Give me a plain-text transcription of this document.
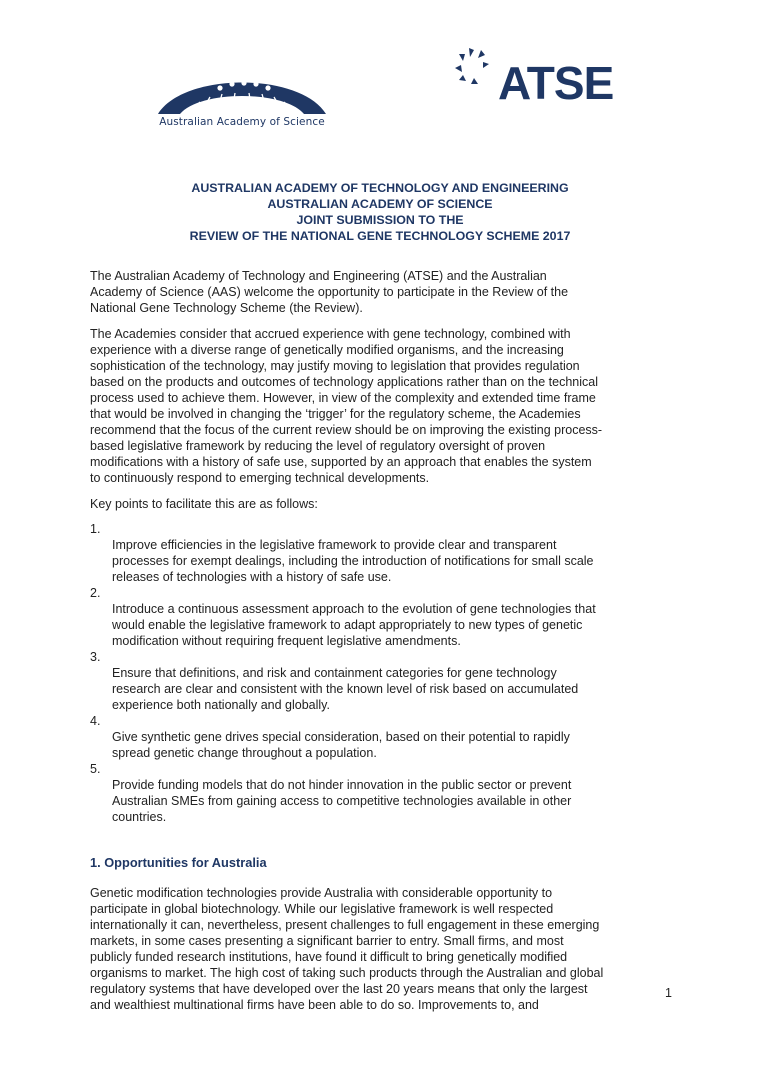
Australian Academy of Science
ATSE
AUSTRALIAN ACADEMY OF TECHNOLOGY AND ENGINEERING
AUSTRALIAN ACADEMY OF SCIENCE
JOINT SUBMISSION TO THE
REVIEW OF THE NATIONAL GENE TECHNOLOGY SCHEME 2017

The Australian Academy of Technology and Engineering (ATSE) and the Australian
Academy of Science (AAS) welcome the opportunity to participate in the Review of the
National Gene Technology Scheme (the Review).

The Academies consider that accrued experience with gene technology, combined with
experience with a diverse range of genetically modified organisms, and the increasing
sophistication of the technology, may justify moving to legislation that provides regulation
based on the products and outcomes of technology applications rather than on the technical
process used to achieve them. However, in view of the complexity and extended time frame
that would be involved in changing the ‘trigger’ for the regulatory scheme, the Academies
recommend that the focus of the current review should be on improving the existing process-
based legislative framework by reducing the level of regulatory oversight of proven
modifications with a history of safe use, supported by an approach that enables the system
to continuously respond to emerging technical developments.

Key points to facilitate this are as follows:

1.
Improve efficiencies in the legislative framework to provide clear and transparent
processes for exempt dealings, including the introduction of notifications for small scale
releases of technologies with a history of safe use.

2.
Introduce a continuous assessment approach to the evolution of gene technologies that
would enable the legislative framework to adapt appropriately to new types of genetic
modification without requiring frequent legislative amendments.

3.
Ensure that definitions, and risk and containment categories for gene technology
research are clear and consistent with the known level of risk based on accumulated
experience both nationally and globally.

4.
Give synthetic gene drives special consideration, based on their potential to rapidly
spread genetic change throughout a population.

5.
Provide funding models that do not hinder innovation in the public sector or prevent
Australian SMEs from gaining access to competitive technologies available in other
countries.

1. Opportunities for Australia

Genetic modification technologies provide Australia with considerable opportunity to
participate in global biotechnology. While our legislative framework is well respected
internationally it can, nevertheless, present challenges to full engagement in these emerging
markets, in some cases presenting a significant barrier to entry. Small firms, and most
publicly funded research institutions, have found it difficult to bring genetically modified
organisms to market. The high cost of taking such products through the Australian and global
regulatory systems that have developed over the last 20 years means that only the largest
and wealthiest multinational firms have been able to do so. Improvements to, and

1
